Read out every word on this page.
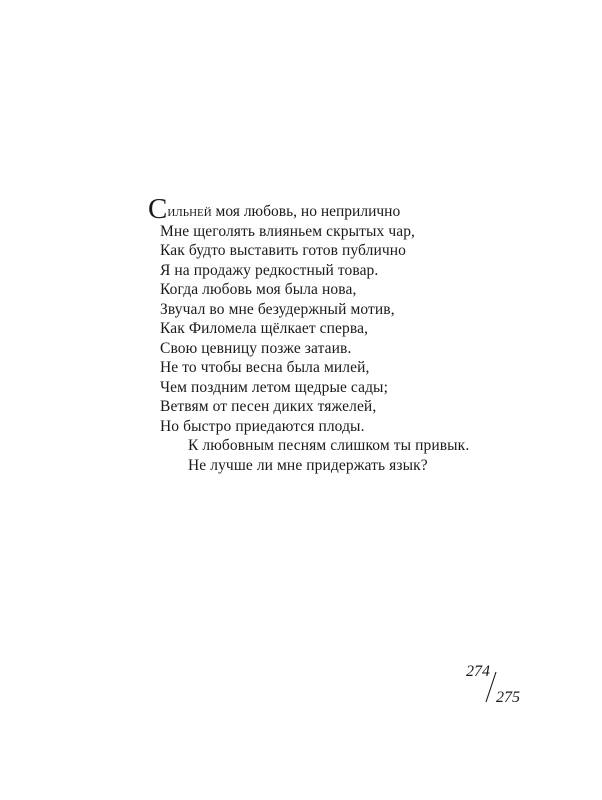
Сильней моя любовь, но неприлично
Мне щеголять влияньем скрытых чар,
Как будто выставить готов публично
Я на продажу редкостный товар.
Когда любовь моя была нова,
Звучал во мне безудержный мотив,
Как Филомела щёлкает сперва,
Свою цевницу позже затаив.
Не то чтобы весна была милей,
Чем поздним летом щедрые сады;
Ветвям от песен диких тяжелей,
Но быстро приедаются плоды.
К любовным песням слишком ты привык.
Не лучше ли мне придержать язык?
274
275
